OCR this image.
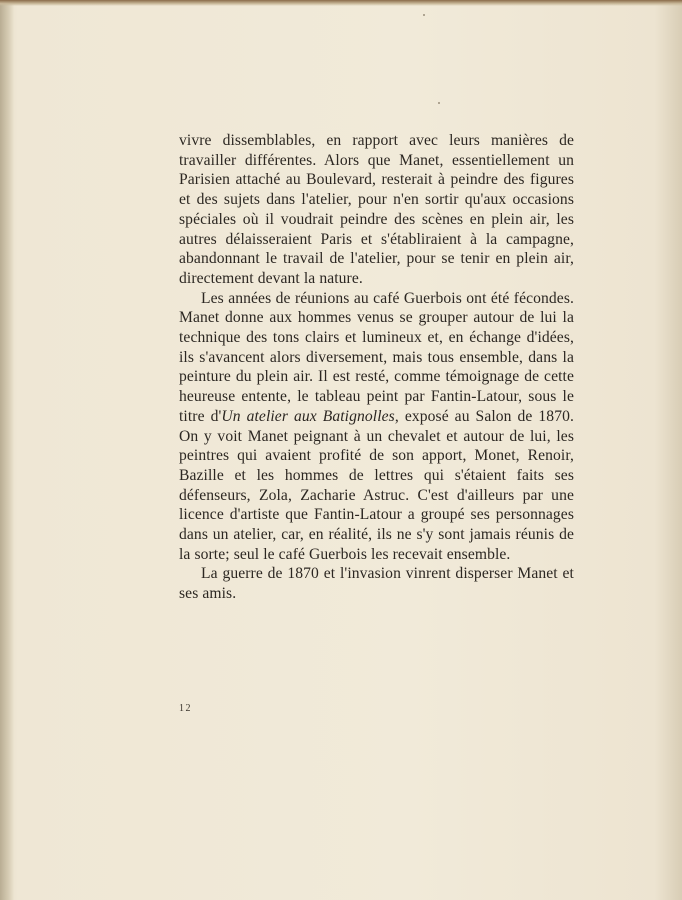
vivre dissemblables, en rapport avec leurs manières de travailler différentes. Alors que Manet, essentiellement un Parisien attaché au Boulevard, resterait à peindre des figures et des sujets dans l'atelier, pour n'en sortir qu'aux occasions spéciales où il voudrait peindre des scènes en plein air, les autres délaisseraient Paris et s'établiraient à la campagne, abandonnant le travail de l'atelier, pour se tenir en plein air, directement devant la nature.

Les années de réunions au café Guerbois ont été fécondes. Manet donne aux hommes venus se grouper autour de lui la technique des tons clairs et lumineux et, en échange d'idées, ils s'avancent alors diversement, mais tous ensemble, dans la peinture du plein air. Il est resté, comme témoignage de cette heureuse entente, le tableau peint par Fantin-Latour, sous le titre d'Un atelier aux Batignolles, exposé au Salon de 1870. On y voit Manet peignant à un chevalet et autour de lui, les peintres qui avaient profité de son apport, Monet, Renoir, Bazille et les hommes de lettres qui s'étaient faits ses défenseurs, Zola, Zacharie Astruc. C'est d'ailleurs par une licence d'artiste que Fantin-Latour a groupé ses personnages dans un atelier, car, en réalité, ils ne s'y sont jamais réunis de la sorte; seul le café Guerbois les recevait ensemble.

La guerre de 1870 et l'invasion vinrent disperser Manet et ses amis.

12
